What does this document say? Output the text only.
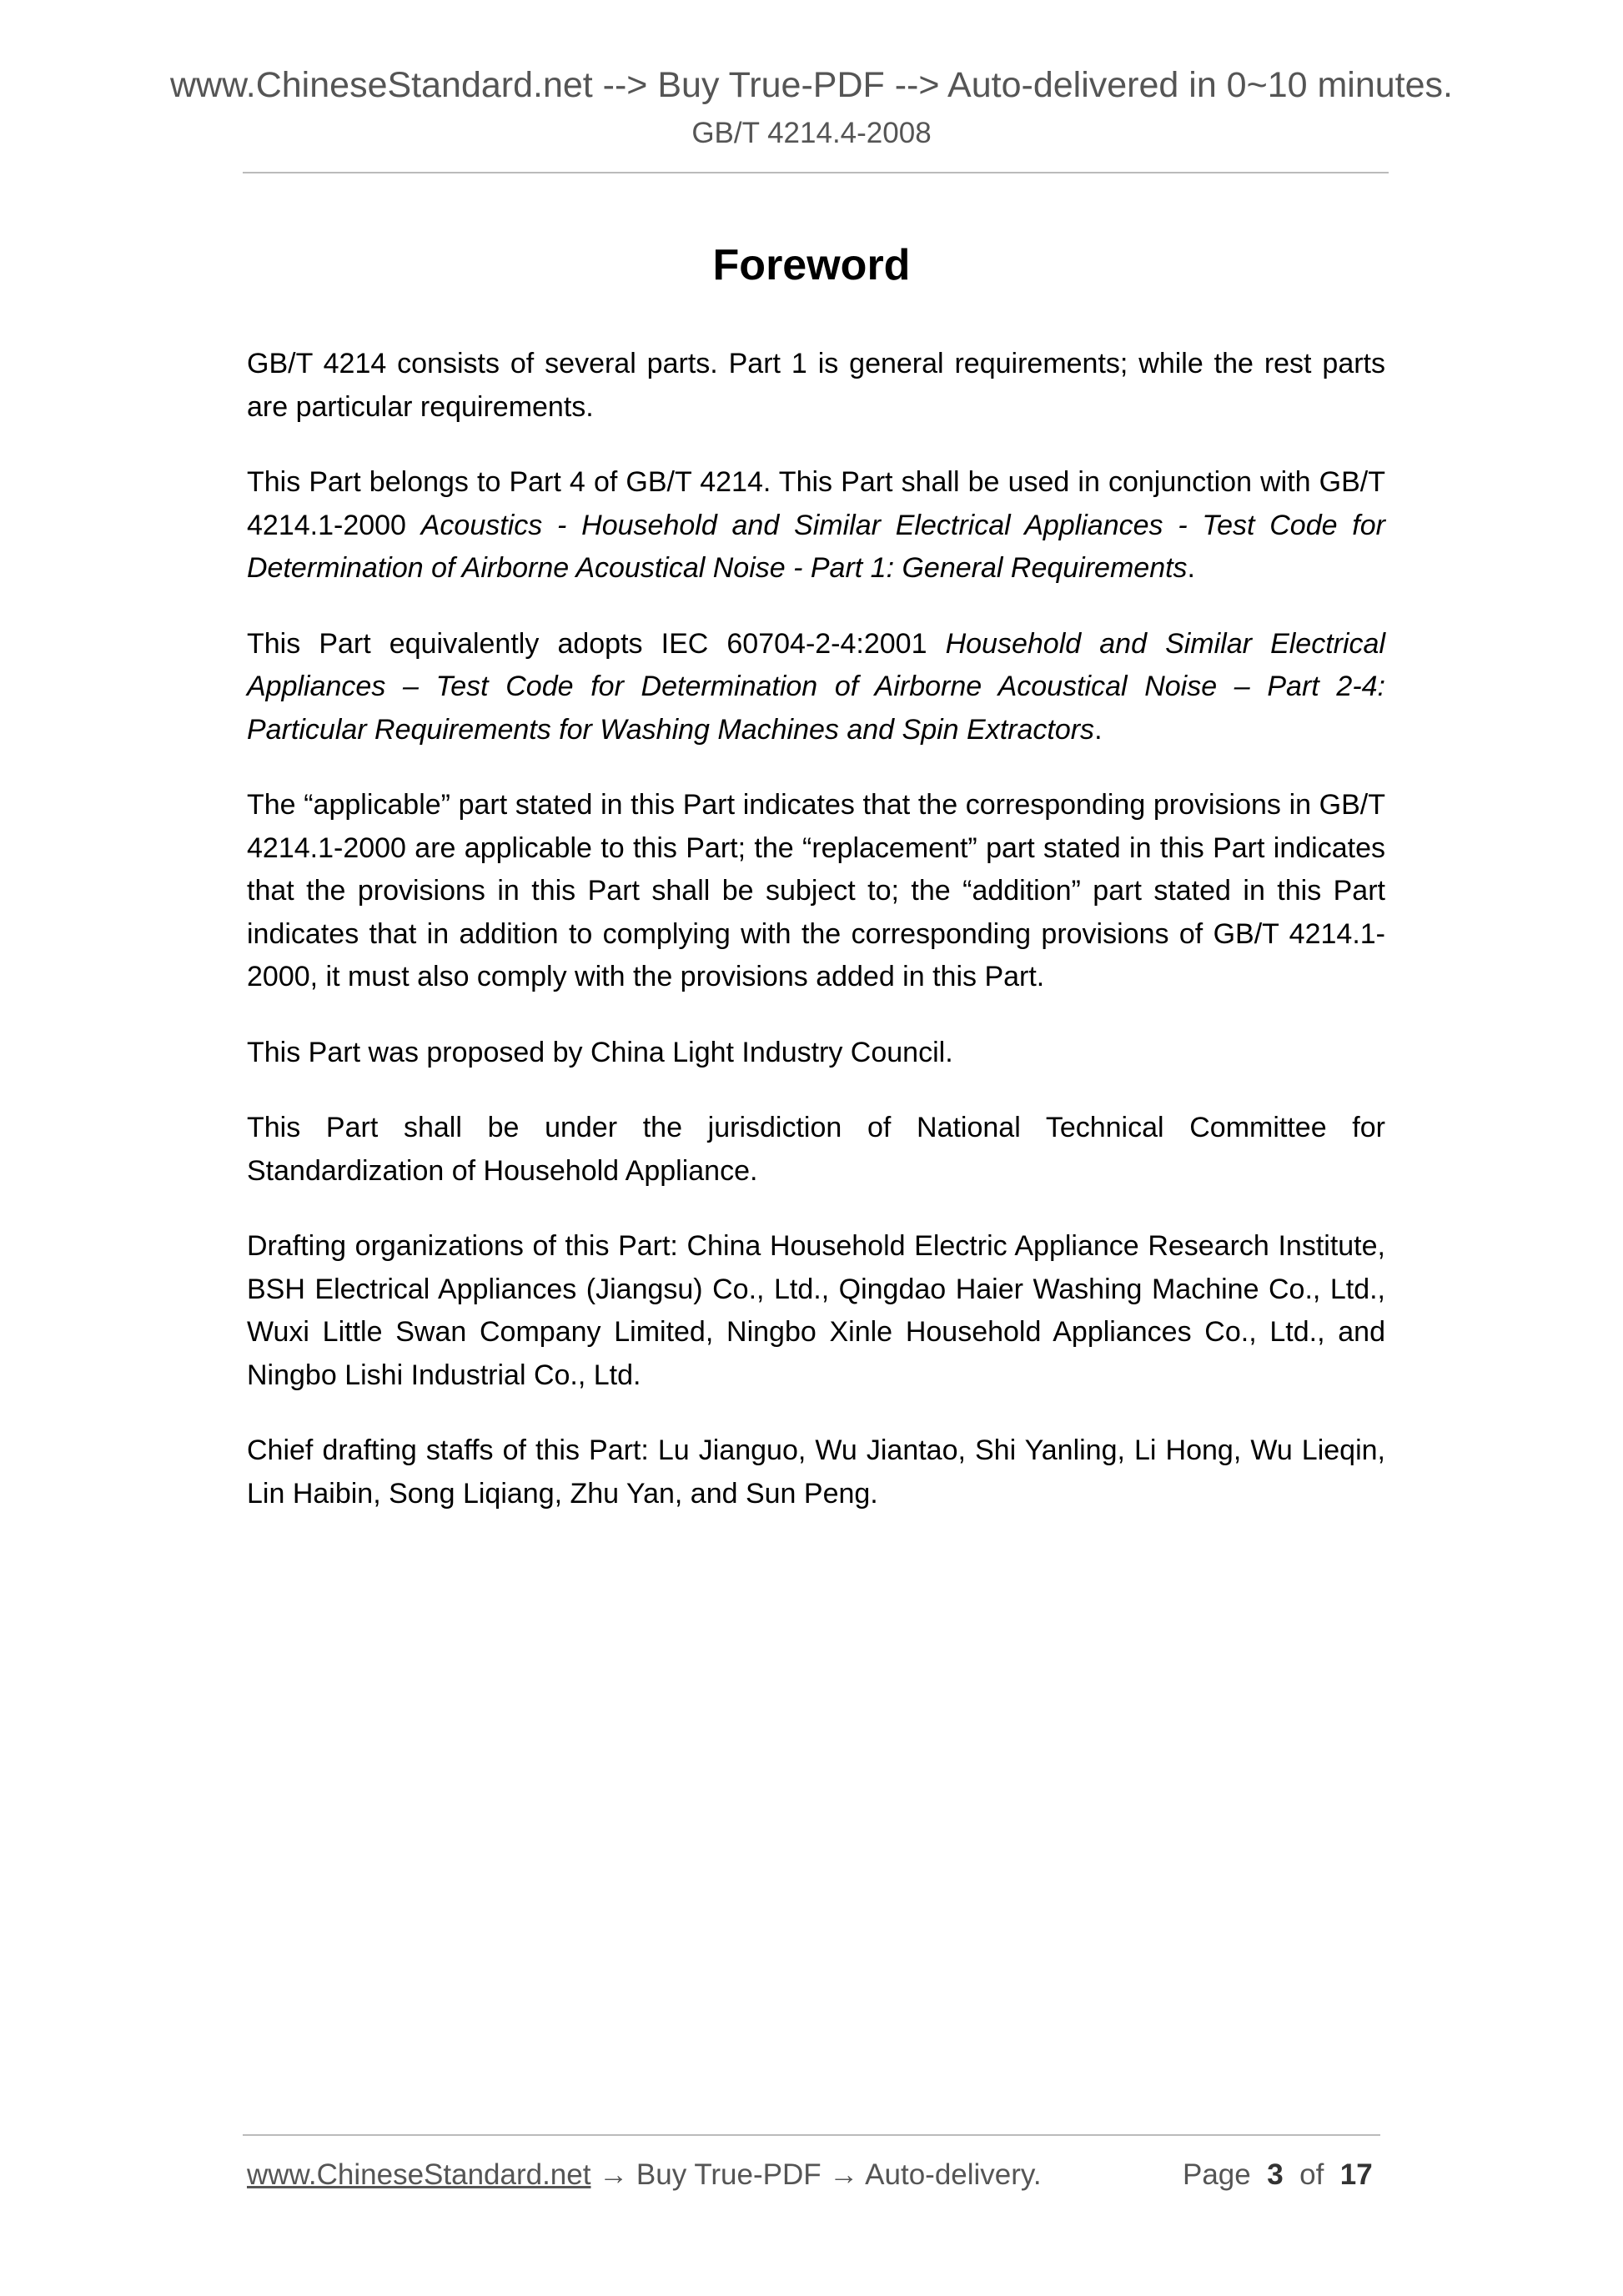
www.ChineseStandard.net --> Buy True-PDF --> Auto-delivered in 0~10 minutes.
GB/T 4214.4-2008
Foreword

GB/T 4214 consists of several parts. Part 1 is general requirements; while the rest parts are particular requirements.

This Part belongs to Part 4 of GB/T 4214. This Part shall be used in conjunction with GB/T 4214.1-2000 Acoustics - Household and Similar Electrical Appliances - Test Code for Determination of Airborne Acoustical Noise - Part 1: General Requirements.

This Part equivalently adopts IEC 60704-2-4:2001 Household and Similar Electrical Appliances – Test Code for Determination of Airborne Acoustical Noise – Part 2-4: Particular Requirements for Washing Machines and Spin Extractors.

The “applicable” part stated in this Part indicates that the corresponding provisions in GB/T 4214.1-2000 are applicable to this Part; the “replacement” part stated in this Part indicates that the provisions in this Part shall be subject to; the “addition” part stated in this Part indicates that in addition to complying with the corresponding provisions of GB/T 4214.1-2000, it must also comply with the provisions added in this Part.

This Part was proposed by China Light Industry Council.

This Part shall be under the jurisdiction of National Technical Committee for Standardization of Household Appliance.

Drafting organizations of this Part: China Household Electric Appliance Research Institute, BSH Electrical Appliances (Jiangsu) Co., Ltd., Qingdao Haier Washing Machine Co., Ltd., Wuxi Little Swan Company Limited, Ningbo Xinle Household Appliances Co., Ltd., and Ningbo Lishi Industrial Co., Ltd.

Chief drafting staffs of this Part: Lu Jianguo, Wu Jiantao, Shi Yanling, Li Hong, Wu Lieqin, Lin Haibin, Song Liqiang, Zhu Yan, and Sun Peng.

www.ChineseStandard.net → Buy True-PDF → Auto-delivery.	Page 3 of 17
